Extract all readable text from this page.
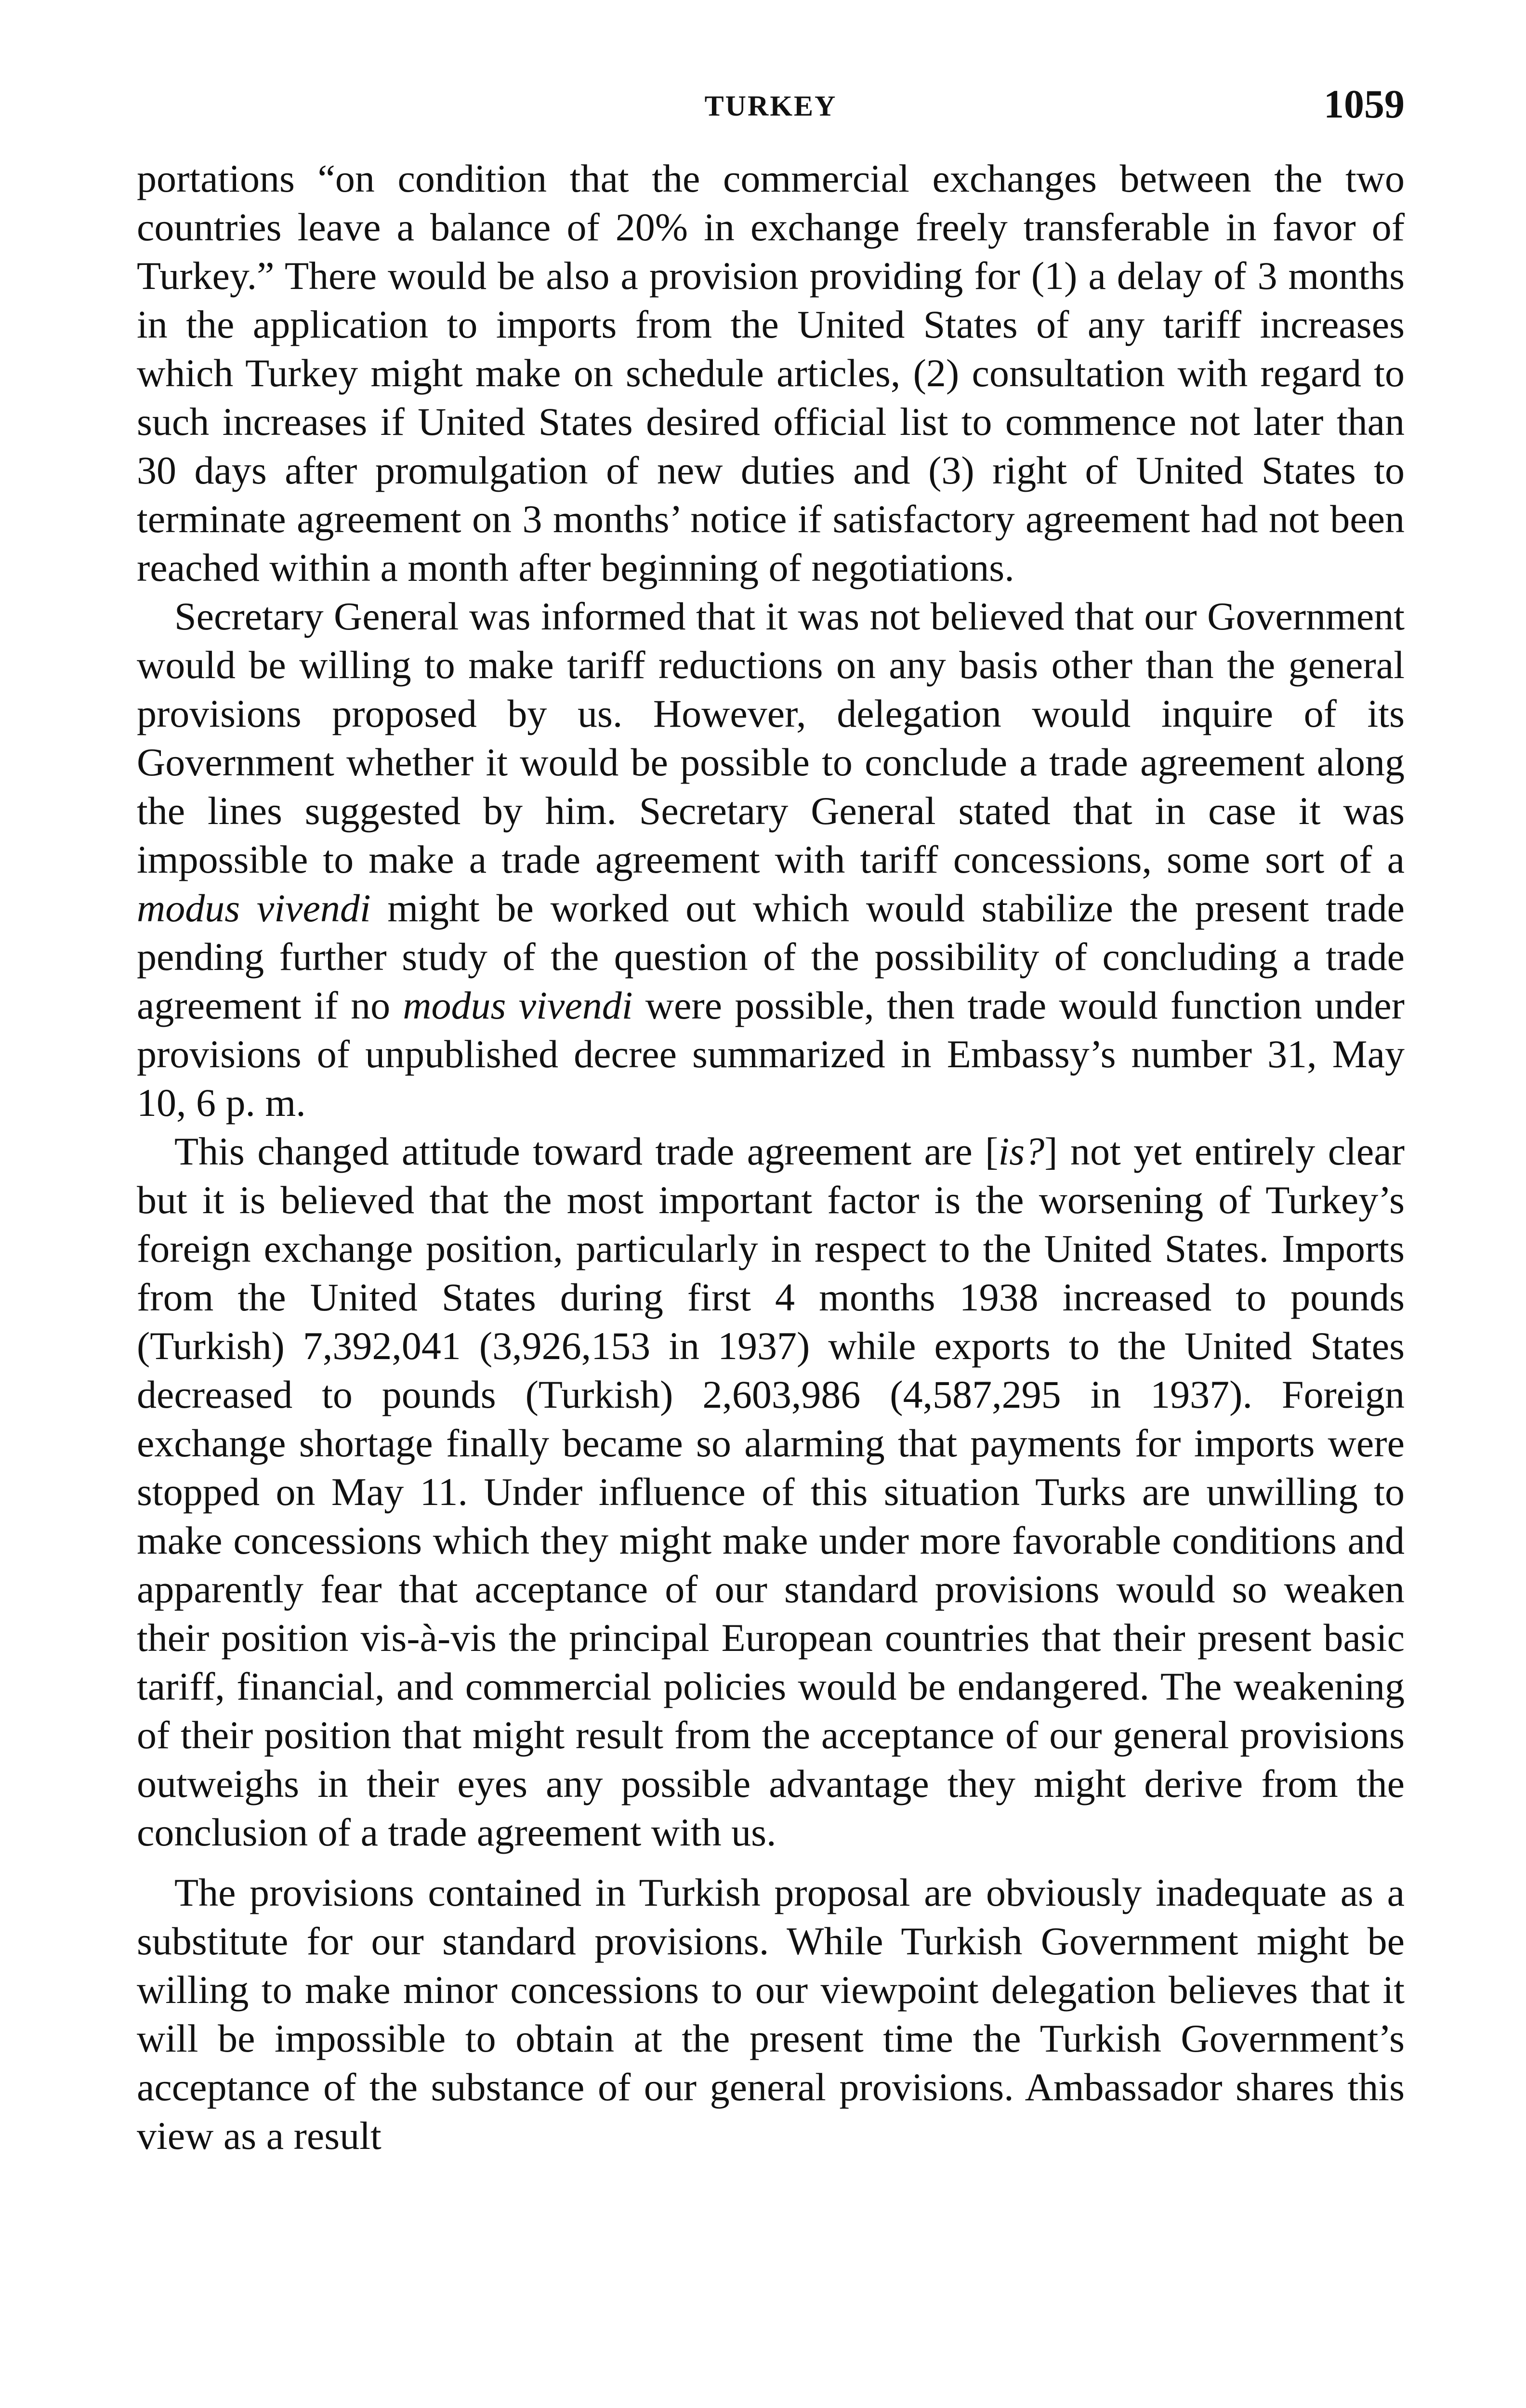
TURKEY	1059

portations “on condition that the commercial exchanges between the two countries leave a balance of 20% in exchange freely transferable in favor of Turkey.” There would be also a provision providing for (1) a delay of 3 months in the application to imports from the United States of any tariff increases which Turkey might make on schedule articles, (2) consultation with regard to such increases if United States desired official list to commence not later than 30 days after promulgation of new duties and (3) right of United States to terminate agreement on 3 months’ notice if satisfactory agreement had not been reached within a month after beginning of negotiations.

Secretary General was informed that it was not believed that our Government would be willing to make tariff reductions on any basis other than the general provisions proposed by us. However, delegation would inquire of its Government whether it would be possible to conclude a trade agreement along the lines suggested by him. Secretary General stated that in case it was impossible to make a trade agreement with tariff concessions, some sort of a modus vivendi might be worked out which would stabilize the present trade pending further study of the question of the possibility of concluding a trade agreement if no modus vivendi were possible, then trade would function under provisions of unpublished decree summarized in Embassy’s number 31, May 10, 6 p. m.

This changed attitude toward trade agreement are [is?] not yet entirely clear but it is believed that the most important factor is the worsening of Turkey’s foreign exchange position, particularly in respect to the United States. Imports from the United States during first 4 months 1938 increased to pounds (Turkish) 7,392,041 (3,926,153 in 1937) while exports to the United States decreased to pounds (Turkish) 2,603,986 (4,587,295 in 1937). Foreign exchange shortage finally became so alarming that payments for imports were stopped on May 11. Under influence of this situation Turks are unwilling to make concessions which they might make under more favorable conditions and apparently fear that acceptance of our standard provisions would so weaken their position vis-à-vis the principal European countries that their present basic tariff, financial, and commercial policies would be endangered. The weakening of their position that might result from the acceptance of our general provisions outweighs in their eyes any possible advantage they might derive from the conclusion of a trade agreement with us.

The provisions contained in Turkish proposal are obviously inadequate as a substitute for our standard provisions. While Turkish Government might be willing to make minor concessions to our viewpoint delegation believes that it will be impossible to obtain at the present time the Turkish Government’s acceptance of the substance of our general provisions. Ambassador shares this view as a result
